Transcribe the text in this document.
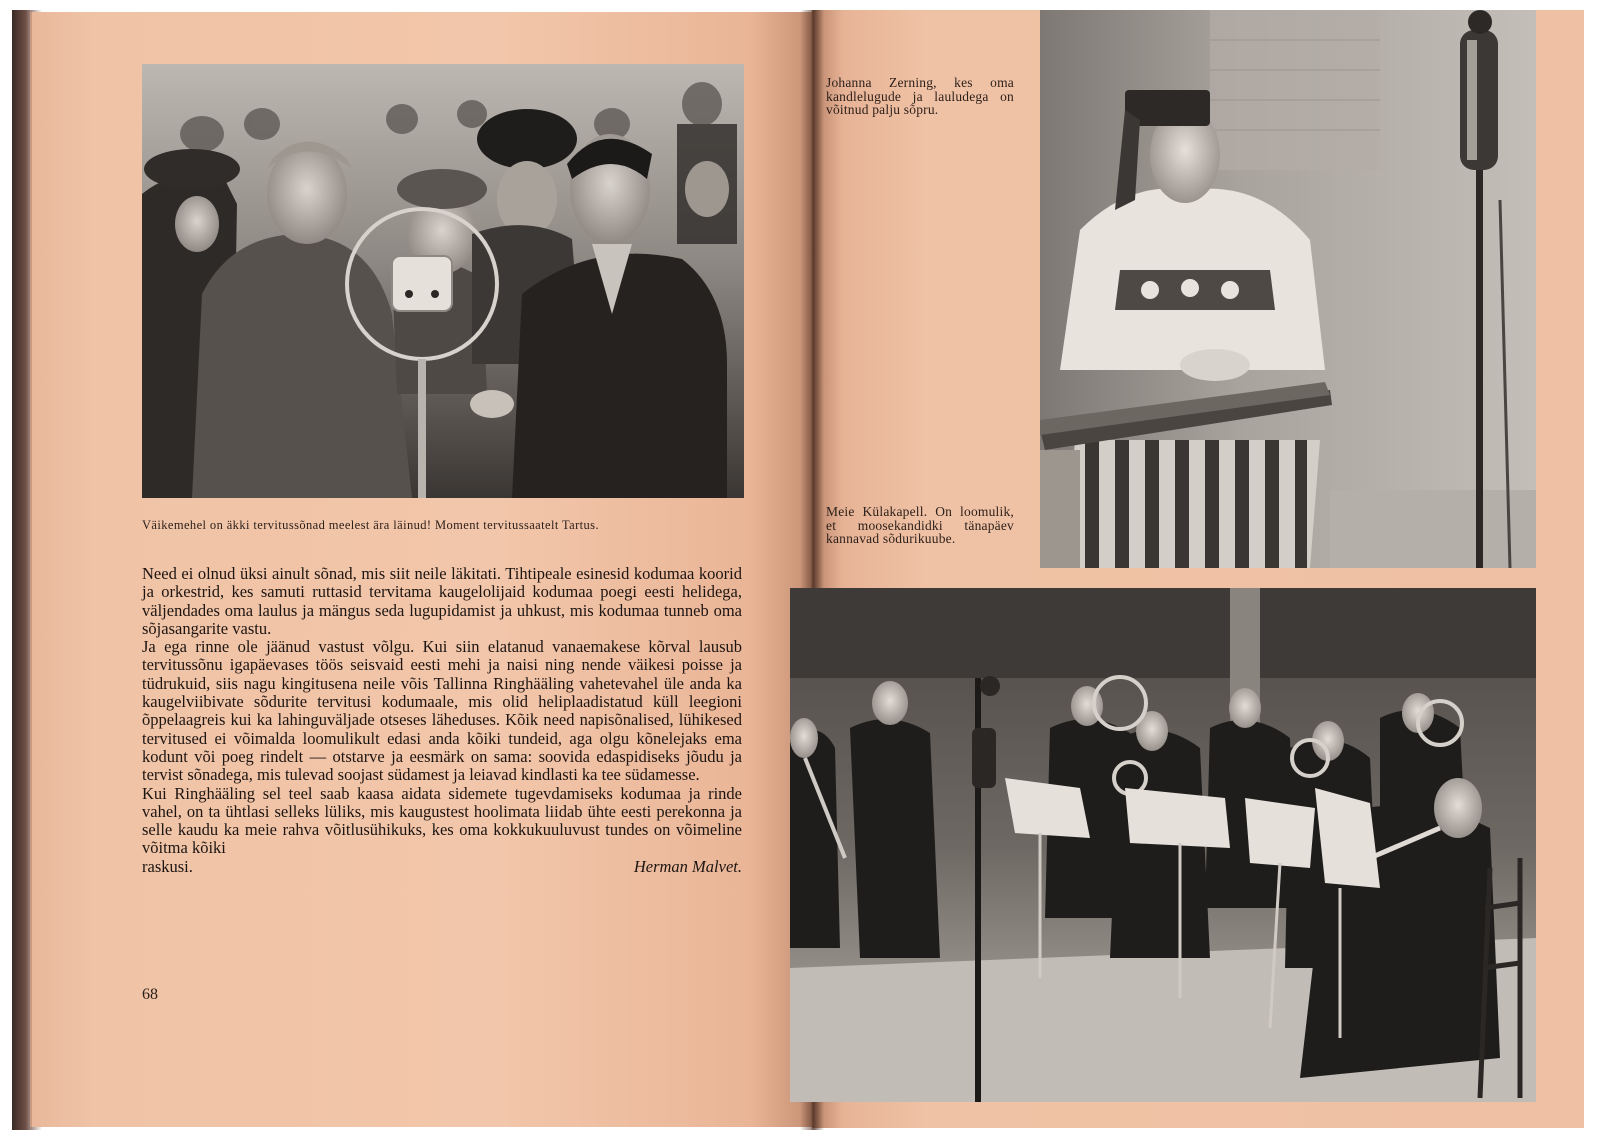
Väikemehel on äkki tervitussõnad meelest ära läinud! Moment tervitussaatelt Tartus.

Need ei olnud üksi ainult sõnad, mis siit neile läkitati. Tihtipeale esinesid kodumaa koorid ja orkestrid, kes samuti ruttasid tervitama kaugelolijaid kodumaa poegi eesti helidega, väljendades oma laulus ja mängus seda lugupidamist ja uhkust, mis kodumaa tunneb oma sõjasangarite vastu.

Ja ega rinne ole jäänud vastust võlgu. Kui siin elatanud vanaemakese kõrval lausub tervitussõnu igapäevases töös seisvaid eesti mehi ja naisi ning nende väikesi poisse ja tüdrukuid, siis nagu kingitusena neile võis Tallinna Ringhääling vahetevahel üle anda ka kaugelviibivate sõdurite tervitusi kodumaale, mis olid heliplaadistatud küll leegioni õppelaagreis kui ka lahinguväljade otseses läheduses. Kõik need napisõnalised, lühikesed tervitused ei võimalda loomulikult edasi anda kõiki tundeid, aga olgu kõnelejaks ema kodunt või poeg rindelt — otstarve ja eesmärk on sama: soovida edaspidiseks jõudu ja tervist sõnadega, mis tulevad soojast südamest ja leiavad kindlasti ka tee südamesse.

Kui Ringhääling sel teel saab kaasa aidata sidemete tugevdamiseks kodumaa ja rinde vahel, on ta ühtlasi selleks lüliks, mis kaugustest hoolimata liidab ühte eesti perekonna ja selle kaudu ka meie rahva võitlusühikuks, kes oma kokkukuuluvust tundes on võimeline võitma kõiki

raskusi.	Herman Malvet.
68
Johanna Zerning, kes oma kandlelugude ja lauludega on võitnud palju sõpru.
Meie Külakapell. On loomulik, et moosekandidki tänapäev kannavad sõdurikuube.
